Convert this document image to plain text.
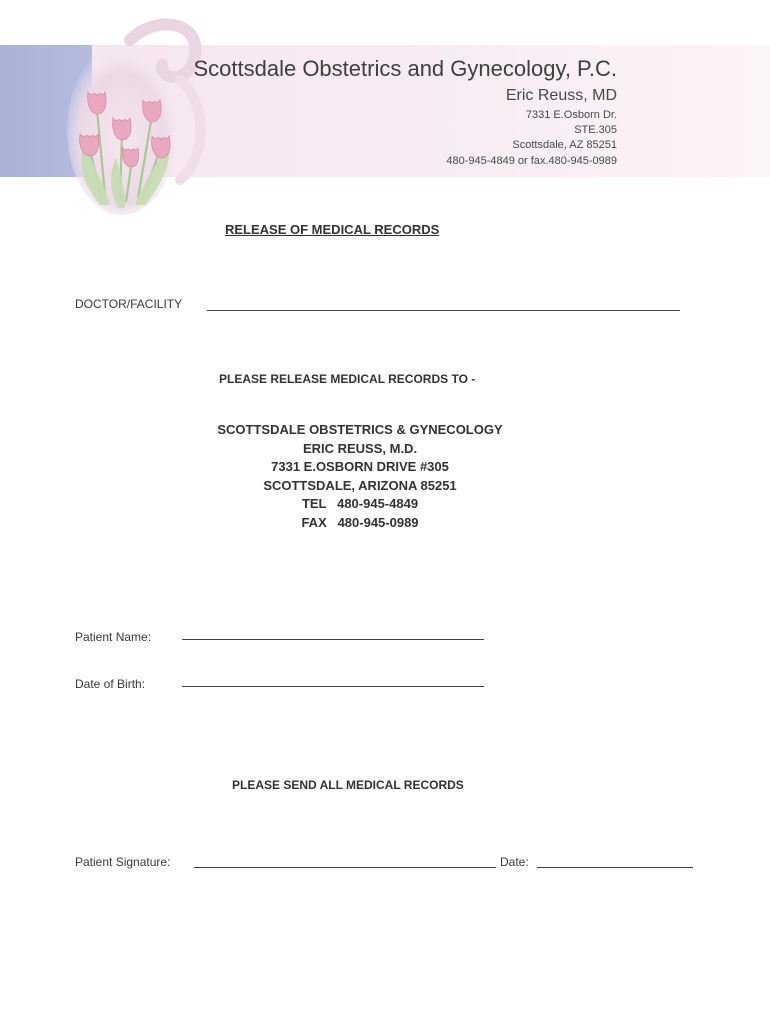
Scottsdale Obstetrics and Gynecology, P.C.
Eric Reuss, MD
7331 E.Osborn Dr.
STE.305
Scottsdale, AZ 85251
480-945-4849 or fax.480-945-0989
RELEASE OF MEDICAL RECORDS
DOCTOR/FACILITY
PLEASE RELEASE MEDICAL RECORDS TO -
SCOTTSDALE OBSTETRICS & GYNECOLOGY
ERIC REUSS, M.D.
7331 E.OSBORN DRIVE #305
SCOTTSDALE, ARIZONA 85251
TEL   480-945-4849
FAX   480-945-0989
Patient Name:
Date of Birth:
PLEASE SEND ALL MEDICAL RECORDS
Patient Signature:	Date:
